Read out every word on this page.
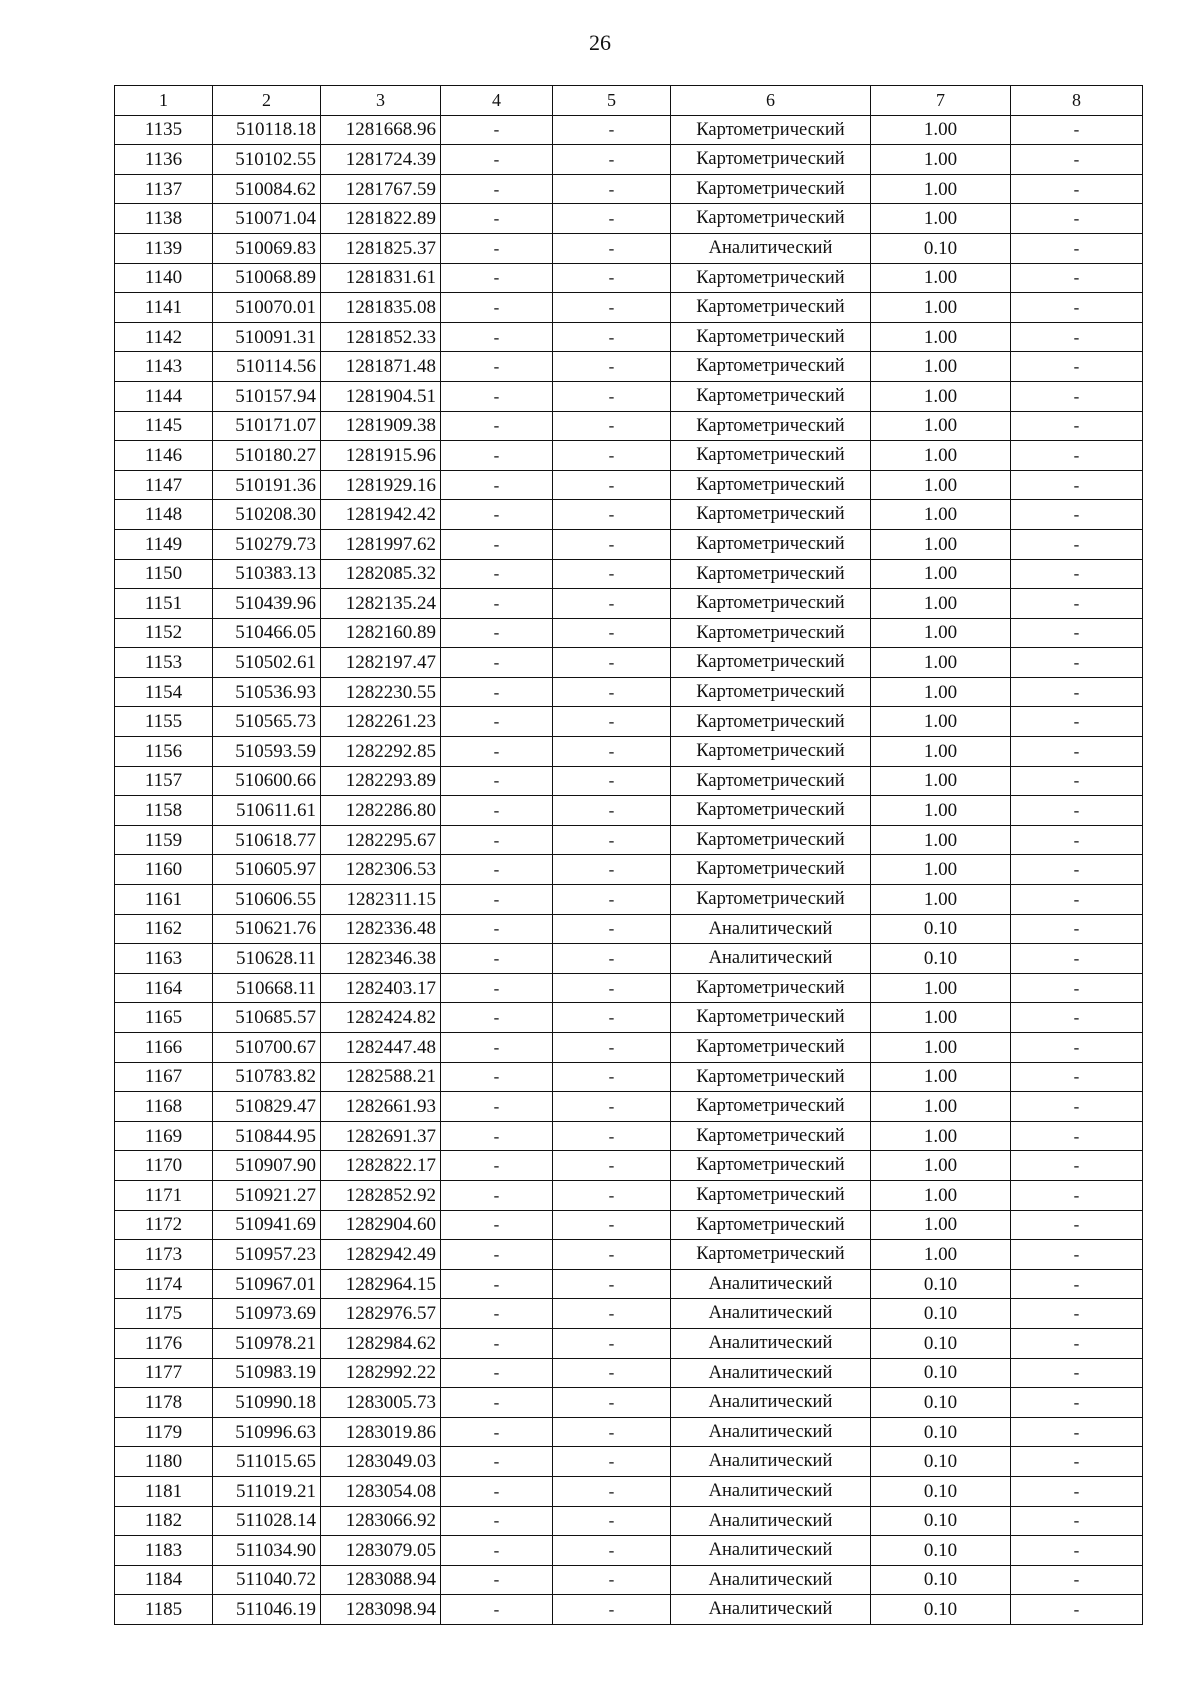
26
1	2	3	4	5	6	7	8
1135	510118.18	1281668.96	-	-	Картометрический	1.00	-
1136	510102.55	1281724.39	-	-	Картометрический	1.00	-
1137	510084.62	1281767.59	-	-	Картометрический	1.00	-
1138	510071.04	1281822.89	-	-	Картометрический	1.00	-
1139	510069.83	1281825.37	-	-	Аналитический	0.10	-
1140	510068.89	1281831.61	-	-	Картометрический	1.00	-
1141	510070.01	1281835.08	-	-	Картометрический	1.00	-
1142	510091.31	1281852.33	-	-	Картометрический	1.00	-
1143	510114.56	1281871.48	-	-	Картометрический	1.00	-
1144	510157.94	1281904.51	-	-	Картометрический	1.00	-
1145	510171.07	1281909.38	-	-	Картометрический	1.00	-
1146	510180.27	1281915.96	-	-	Картометрический	1.00	-
1147	510191.36	1281929.16	-	-	Картометрический	1.00	-
1148	510208.30	1281942.42	-	-	Картометрический	1.00	-
1149	510279.73	1281997.62	-	-	Картометрический	1.00	-
1150	510383.13	1282085.32	-	-	Картометрический	1.00	-
1151	510439.96	1282135.24	-	-	Картометрический	1.00	-
1152	510466.05	1282160.89	-	-	Картометрический	1.00	-
1153	510502.61	1282197.47	-	-	Картометрический	1.00	-
1154	510536.93	1282230.55	-	-	Картометрический	1.00	-
1155	510565.73	1282261.23	-	-	Картометрический	1.00	-
1156	510593.59	1282292.85	-	-	Картометрический	1.00	-
1157	510600.66	1282293.89	-	-	Картометрический	1.00	-
1158	510611.61	1282286.80	-	-	Картометрический	1.00	-
1159	510618.77	1282295.67	-	-	Картометрический	1.00	-
1160	510605.97	1282306.53	-	-	Картометрический	1.00	-
1161	510606.55	1282311.15	-	-	Картометрический	1.00	-
1162	510621.76	1282336.48	-	-	Аналитический	0.10	-
1163	510628.11	1282346.38	-	-	Аналитический	0.10	-
1164	510668.11	1282403.17	-	-	Картометрический	1.00	-
1165	510685.57	1282424.82	-	-	Картометрический	1.00	-
1166	510700.67	1282447.48	-	-	Картометрический	1.00	-
1167	510783.82	1282588.21	-	-	Картометрический	1.00	-
1168	510829.47	1282661.93	-	-	Картометрический	1.00	-
1169	510844.95	1282691.37	-	-	Картометрический	1.00	-
1170	510907.90	1282822.17	-	-	Картометрический	1.00	-
1171	510921.27	1282852.92	-	-	Картометрический	1.00	-
1172	510941.69	1282904.60	-	-	Картометрический	1.00	-
1173	510957.23	1282942.49	-	-	Картометрический	1.00	-
1174	510967.01	1282964.15	-	-	Аналитический	0.10	-
1175	510973.69	1282976.57	-	-	Аналитический	0.10	-
1176	510978.21	1282984.62	-	-	Аналитический	0.10	-
1177	510983.19	1282992.22	-	-	Аналитический	0.10	-
1178	510990.18	1283005.73	-	-	Аналитический	0.10	-
1179	510996.63	1283019.86	-	-	Аналитический	0.10	-
1180	511015.65	1283049.03	-	-	Аналитический	0.10	-
1181	511019.21	1283054.08	-	-	Аналитический	0.10	-
1182	511028.14	1283066.92	-	-	Аналитический	0.10	-
1183	511034.90	1283079.05	-	-	Аналитический	0.10	-
1184	511040.72	1283088.94	-	-	Аналитический	0.10	-
1185	511046.19	1283098.94	-	-	Аналитический	0.10	-
